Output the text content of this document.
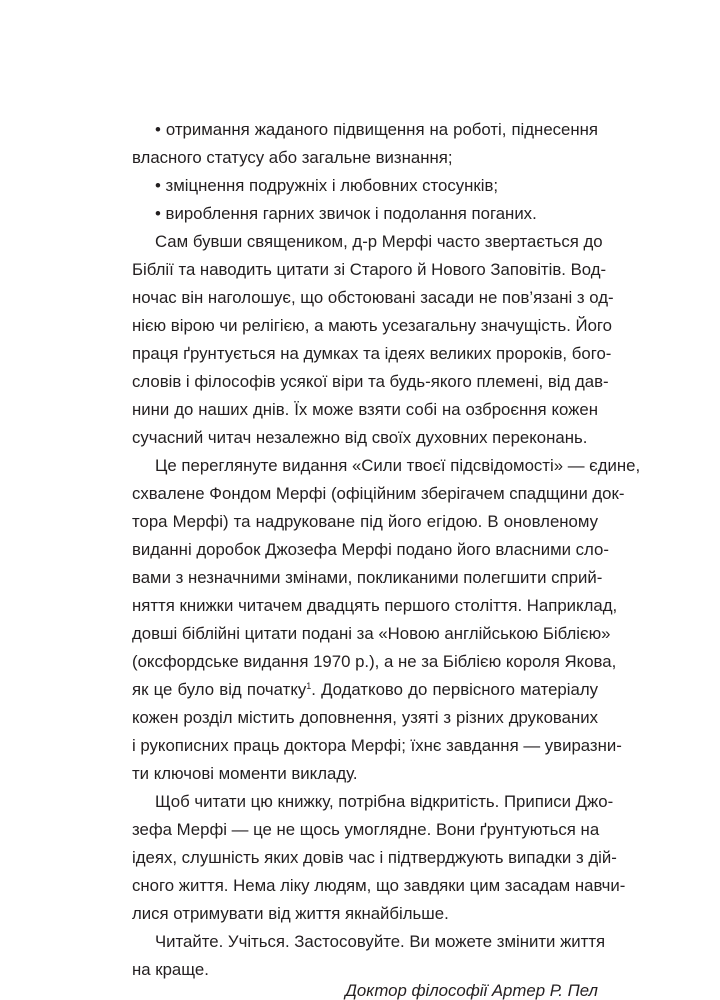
• отримання жаданого підвищення на роботі, піднесення
власного статусу або загальне визнання;
• зміцнення подружніх і любовних стосунків;
• вироблення гарних звичок і подолання поганих.
Сам бувши священиком, д-р Мерфі часто звертається до
Біблії та наводить цитати зі Старого й Нового Заповітів. Вод-
ночас він наголошує, що обстоювані засади не пов’язані з од-
нією вірою чи релігією, а мають усезагальну значущість. Його
праця ґрунтується на думках та ідеях великих пророків, бого-
словів і філософів усякої віри та будь-якого племені, від дав-
нини до наших днів. Їх може взяти собі на озброєння кожен
сучасний читач незалежно від своїх духовних переконань.
Це переглянуте видання «Сили твоєї підсвідомості» — єдине,
схвалене Фондом Мерфі (офіційним зберігачем спадщини док-
тора Мерфі) та надруковане під його егідою. В оновленому
виданні доробок Джозефа Мерфі подано його власними сло-
вами з незначними змінами, покликаними полегшити сприй-
няття книжки читачем двадцять першого століття. Наприклад,
довші біблійні цитати подані за «Новою англійською Біблією»
(оксфордське видання 1970 р.), а не за Біблією короля Якова,
як це було від початку$^1$. Додатково до первісного матеріалу
кожен розділ містить доповнення, узяті з різних друкованих
і рукописних праць доктора Мерфі; їхнє завдання — увиразни-
ти ключові моменти викладу.
Щоб читати цю книжку, потрібна відкритість. Приписи Джо-
зефа Мерфі — це не щось умоглядне. Вони ґрунтуються на
ідеях, слушність яких довів час і підтверджують випадки з дій-
сного життя. Нема ліку людям, що завдяки цим засадам навчи-
лися отримувати від життя якнайбільше.
Читайте. Учіться. Застосовуйте. Ви можете змінити життя
на краще.
Доктор філософії Артер Р. Пел
